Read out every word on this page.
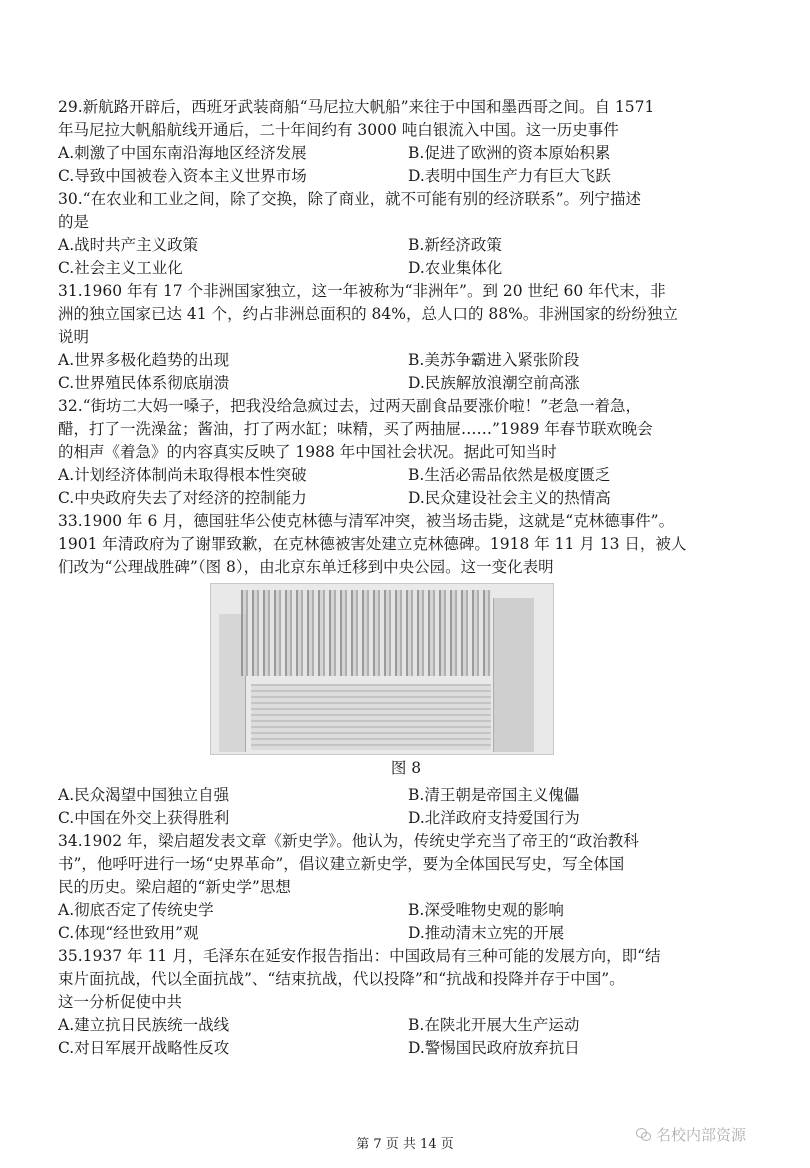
29.新航路开辟后，西班牙武装商船“马尼拉大帆船”来往于中国和墨西哥之间。自 1571
年马尼拉大帆船航线开通后，二十年间约有 3000 吨白银流入中国。这一历史事件
A.刺激了中国东南沿海地区经济发展	B.促进了欧洲的资本原始积累
C.导致中国被卷入资本主义世界市场	D.表明中国生产力有巨大飞跃
30.“在农业和工业之间，除了交换，除了商业，就不可能有别的经济联系”。列宁描述
的是
A.战时共产主义政策	B.新经济政策
C.社会主义工业化	D.农业集体化
31.1960 年有 17 个非洲国家独立，这一年被称为“非洲年”。到 20 世纪 60 年代末，非
洲的独立国家已达 41 个，约占非洲总面积的 84%，总人口的 88%。非洲国家的纷纷独立
说明
A.世界多极化趋势的出现	B.美苏争霸进入紧张阶段
C.世界殖民体系彻底崩溃	D.民族解放浪潮空前高涨
32.“街坊二大妈一嗓子，把我没给急疯过去，过两天副食品要涨价啦！”老急一着急，
醋，打了一洗澡盆；酱油，打了两水缸；味精，买了两抽屉……”1989 年春节联欢晚会
的相声《着急》的内容真实反映了 1988 年中国社会状况。据此可知当时
A.计划经济体制尚未取得根本性突破	B.生活必需品依然是极度匮乏
C.中央政府失去了对经济的控制能力	D.民众建设社会主义的热情高
33.1900 年 6 月，德国驻华公使克林德与清军冲突，被当场击毙，这就是“克林德事件”。
1901 年清政府为了谢罪致歉，在克林德被害处建立克林德碑。1918 年 11 月 13 日，被人
们改为“公理战胜碑”（图 8），由北京东单迁移到中央公园。这一变化表明
图 8
A.民众渴望中国独立自强	B.清王朝是帝国主义傀儡
C.中国在外交上获得胜利	D.北洋政府支持爱国行为
34.1902 年，梁启超发表文章《新史学》。他认为，传统史学充当了帝王的“政治教科
书”，他呼吁进行一场“史界革命”，倡议建立新史学，要为全体国民写史，写全体国
民的历史。梁启超的“新史学”思想
A.彻底否定了传统史学	B.深受唯物史观的影响
C.体现“经世致用”观	D.推动清末立宪的开展
35.1937 年 11 月，毛泽东在延安作报告指出：中国政局有三种可能的发展方向，即“结
束片面抗战，代以全面抗战”、“结束抗战，代以投降”和“抗战和投降并存于中国”。
这一分析促使中共
A.建立抗日民族统一战线	B.在陕北开展大生产运动
C.对日军展开战略性反攻	D.警惕国民政府放弃抗日
第 7 页 共 14 页
名校内部资源
